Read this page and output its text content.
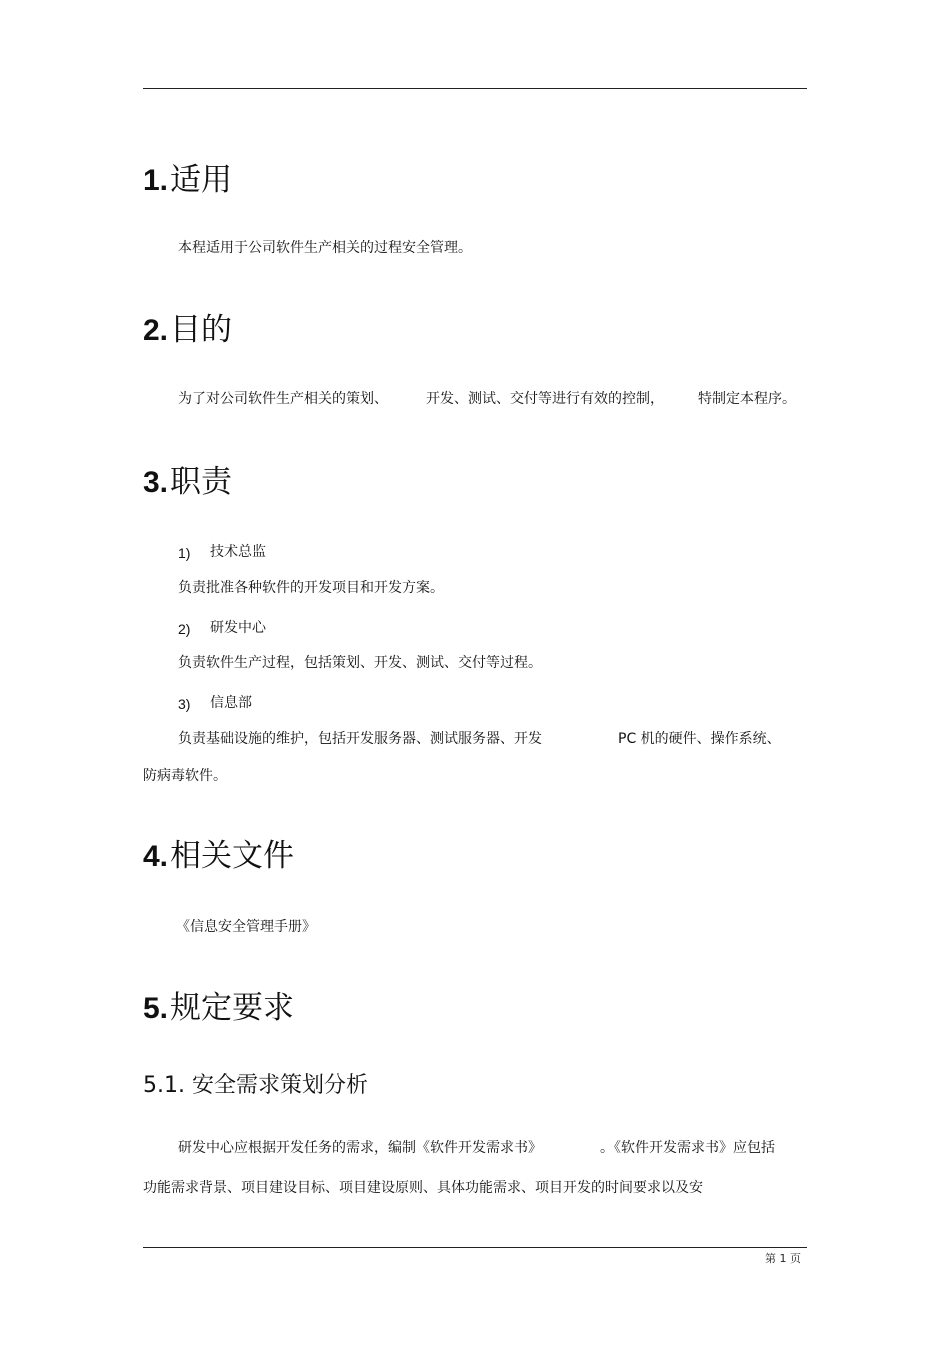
1.适用
本程适用于公司软件生产相关的过程安全管理。
2.目的
为了对公司软件生产相关的策划、	开发、测试、交付等进行有效的控制， 特制定本程序。
3.职责
1) 技术总监
负责批准各种软件的开发项目和开发方案。
2) 研发中心
负责软件生产过程，包括策划、开发、测试、交付等过程。
3) 信息部
负责基础设施的维护，包括开发服务器、测试服务器、开发	PC 机的硬件、操作系统、
防病毒软件。
4.相关文件
《信息安全管理手册》
5.规定要求
5.1. 安全需求策划分析
研发中心应根据开发任务的需求，编制《软件开发需求书》	。《软件开发需求书》应包括
功能需求背景、项目建设目标、项目建设原则、具体功能需求、项目开发的时间要求以及安
第 1 页
